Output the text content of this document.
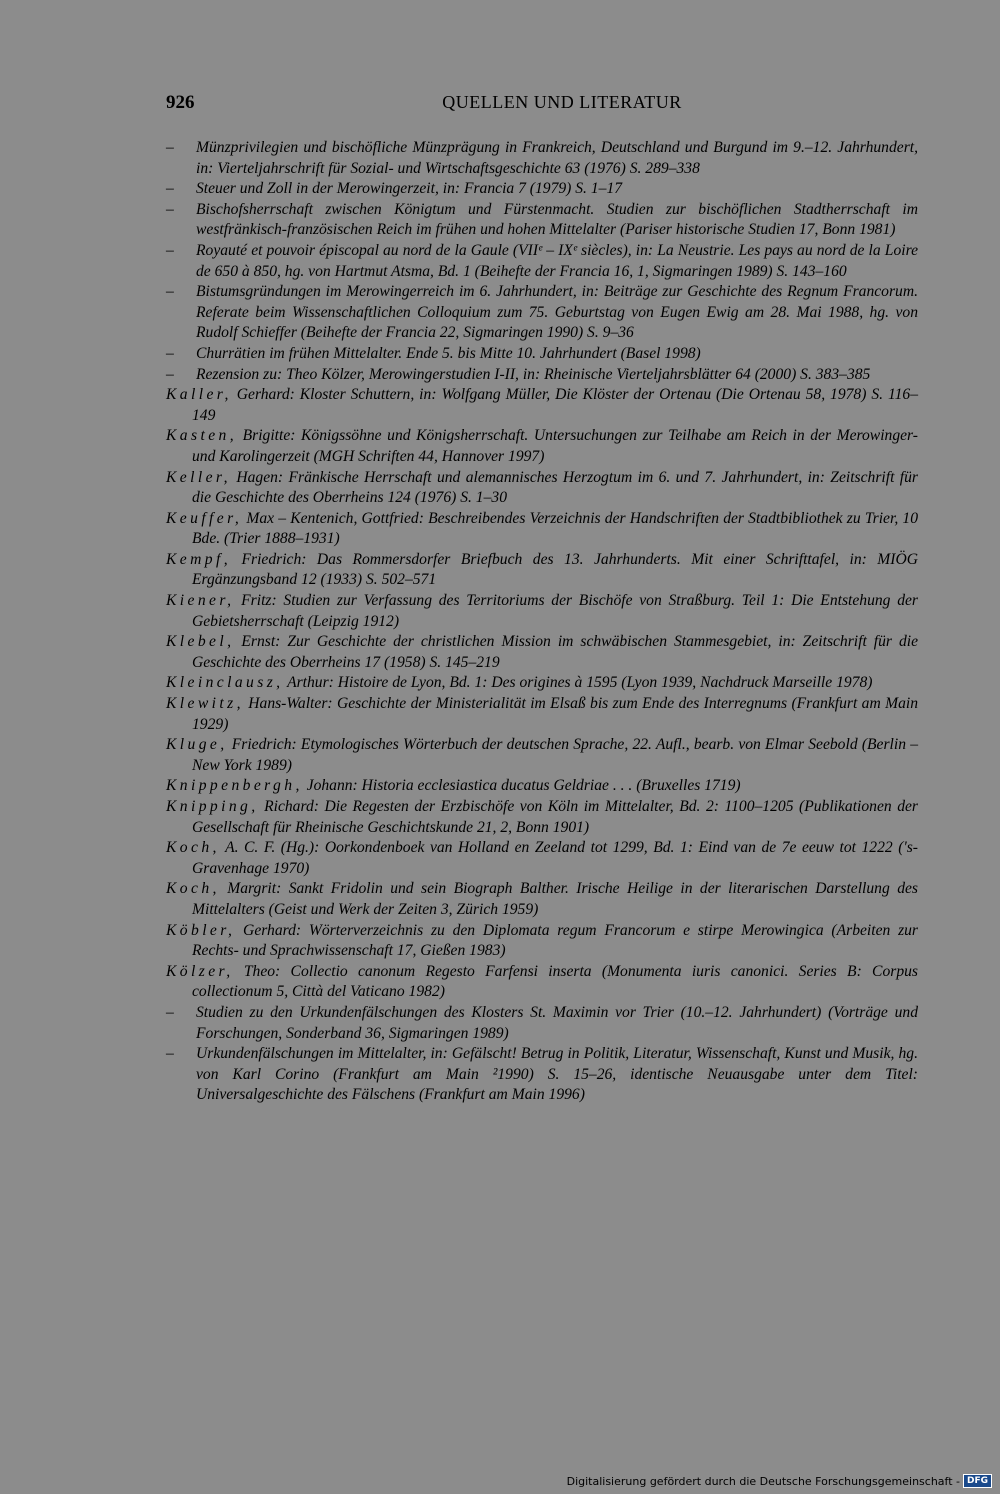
926	QUELLEN UND LITERATUR
– Münzprivilegien und bischöfliche Münzprägung in Frankreich, Deutschland und Burgund im 9.–12. Jahrhundert, in: Vierteljahrschrift für Sozial- und Wirtschaftsgeschichte 63 (1976) S. 289–338
– Steuer und Zoll in der Merowingerzeit, in: Francia 7 (1979) S. 1–17
– Bischofsherrschaft zwischen Königtum und Fürstenmacht. Studien zur bischöflichen Stadtherrschaft im westfränkisch-französischen Reich im frühen und hohen Mittelalter (Pariser historische Studien 17, Bonn 1981)
– Royauté et pouvoir épiscopal au nord de la Gaule (VIIᵉ – IXᵉ siècles), in: La Neustrie. Les pays au nord de la Loire de 650 à 850, hg. von Hartmut Atsma, Bd. 1 (Beihefte der Francia 16, 1, Sigmaringen 1989) S. 143–160
– Bistumsgründungen im Merowingerreich im 6. Jahrhundert, in: Beiträge zur Geschichte des Regnum Francorum. Referate beim Wissenschaftlichen Colloquium zum 75. Geburtstag von Eugen Ewig am 28. Mai 1988, hg. von Rudolf Schieffer (Beihefte der Francia 22, Sigmaringen 1990) S. 9–36
– Churrätien im frühen Mittelalter. Ende 5. bis Mitte 10. Jahrhundert (Basel 1998)
– Rezension zu: Theo Kölzer, Merowingerstudien I-II, in: Rheinische Vierteljahrsblätter 64 (2000) S. 383–385
Kaller, Gerhard: Kloster Schuttern, in: Wolfgang Müller, Die Klöster der Ortenau (Die Ortenau 58, 1978) S. 116–149
Kasten, Brigitte: Königssöhne und Königsherrschaft. Untersuchungen zur Teilhabe am Reich in der Merowinger- und Karolingerzeit (MGH Schriften 44, Hannover 1997)
Keller, Hagen: Fränkische Herrschaft und alemannisches Herzogtum im 6. und 7. Jahrhundert, in: Zeitschrift für die Geschichte des Oberrheins 124 (1976) S. 1–30
Keuffer, Max – Kentenich, Gottfried: Beschreibendes Verzeichnis der Handschriften der Stadtbibliothek zu Trier, 10 Bde. (Trier 1888–1931)
Kempf, Friedrich: Das Rommersdorfer Briefbuch des 13. Jahrhunderts. Mit einer Schrifttafel, in: MIÖG Ergänzungsband 12 (1933) S. 502–571
Kiener, Fritz: Studien zur Verfassung des Territoriums der Bischöfe von Straßburg. Teil 1: Die Entstehung der Gebietsherrschaft (Leipzig 1912)
Klebel, Ernst: Zur Geschichte der christlichen Mission im schwäbischen Stammesgebiet, in: Zeitschrift für die Geschichte des Oberrheins 17 (1958) S. 145–219
Kleinclausz, Arthur: Histoire de Lyon, Bd. 1: Des origines à 1595 (Lyon 1939, Nachdruck Marseille 1978)
Klewitz, Hans-Walter: Geschichte der Ministerialität im Elsaß bis zum Ende des Interregnums (Frankfurt am Main 1929)
Kluge, Friedrich: Etymologisches Wörterbuch der deutschen Sprache, 22. Aufl., bearb. von Elmar Seebold (Berlin – New York 1989)
Knippenbergh, Johann: Historia ecclesiastica ducatus Geldriae . . . (Bruxelles 1719)
Knipping, Richard: Die Regesten der Erzbischöfe von Köln im Mittelalter, Bd. 2: 1100–1205 (Publikationen der Gesellschaft für Rheinische Geschichtskunde 21, 2, Bonn 1901)
Koch, A. C. F. (Hg.): Oorkondenboek van Holland en Zeeland tot 1299, Bd. 1: Eind van de 7e eeuw tot 1222 ('s-Gravenhage 1970)
Koch, Margrit: Sankt Fridolin und sein Biograph Balther. Irische Heilige in der literarischen Darstellung des Mittelalters (Geist und Werk der Zeiten 3, Zürich 1959)
Köbler, Gerhard: Wörterverzeichnis zu den Diplomata regum Francorum e stirpe Merowingica (Arbeiten zur Rechts- und Sprachwissenschaft 17, Gießen 1983)
Kölzer, Theo: Collectio canonum Regesto Farfensi inserta (Monumenta iuris canonici. Series B: Corpus collectionum 5, Città del Vaticano 1982)
– Studien zu den Urkundenfälschungen des Klosters St. Maximin vor Trier (10.–12. Jahrhundert) (Vorträge und Forschungen, Sonderband 36, Sigmaringen 1989)
– Urkundenfälschungen im Mittelalter, in: Gefälscht! Betrug in Politik, Literatur, Wissenschaft, Kunst und Musik, hg. von Karl Corino (Frankfurt am Main ²1990) S. 15–26, identische Neuausgabe unter dem Titel: Universalgeschichte des Fälschens (Frankfurt am Main 1996)
Digitalisierung gefördert durch die Deutsche Forschungsgemeinschaft - DFG
